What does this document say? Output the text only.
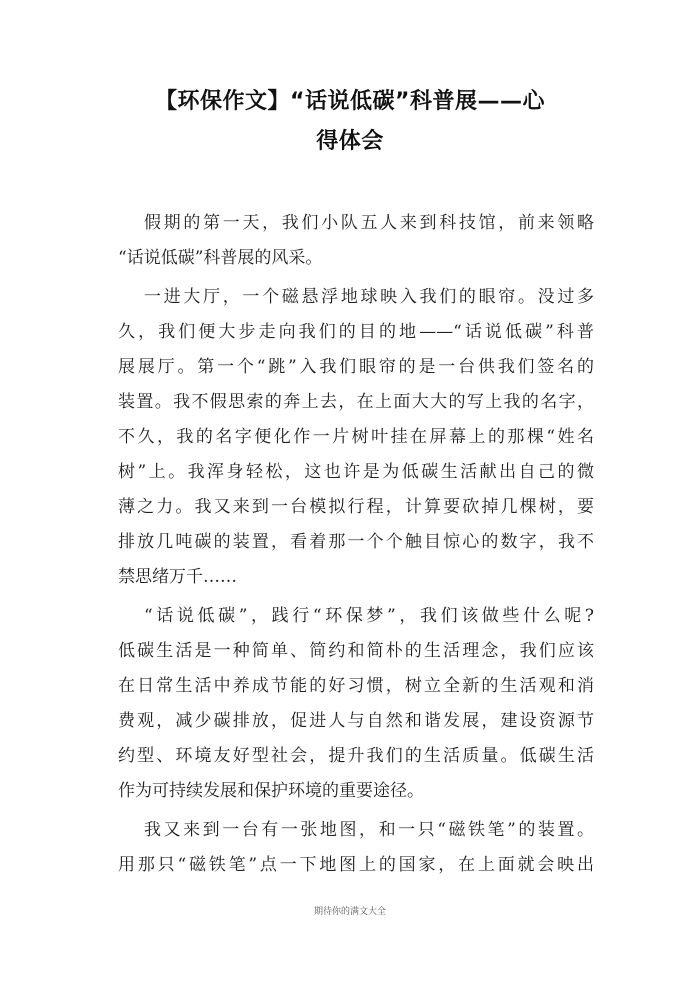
【环保作文】“话说低碳”科普展——心
得体会
假期的第一天，我们小队五人来到科技馆，前来领略
“话说低碳”科普展的风采。
一进大厅，一个磁悬浮地球映入我们的眼帘。没过多
久，我们便大步走向我们的目的地——“话说低碳”科普
展展厅。第一个“跳”入我们眼帘的是一台供我们签名的
装置。我不假思索的奔上去，在上面大大的写上我的名字，
不久，我的名字便化作一片树叶挂在屏幕上的那棵“姓名
树”上。我浑身轻松，这也许是为低碳生活献出自己的微
薄之力。我又来到一台模拟行程，计算要砍掉几棵树，要
排放几吨碳的装置，看着那一个个触目惊心的数字，我不
禁思绪万千……
“话说低碳”，践行“环保梦”，我们该做些什么呢?
低碳生活是一种简单、简约和简朴的生活理念，我们应该
在日常生活中养成节能的好习惯，树立全新的生活观和消
费观，减少碳排放，促进人与自然和谐发展，建设资源节
约型、环境友好型社会，提升我们的生活质量。低碳生活
作为可持续发展和保护环境的重要途径。
我又来到一台有一张地图，和一只“磁铁笔”的装置。
用那只“磁铁笔”点一下地图上的国家，在上面就会映出
期待你的满文大全
